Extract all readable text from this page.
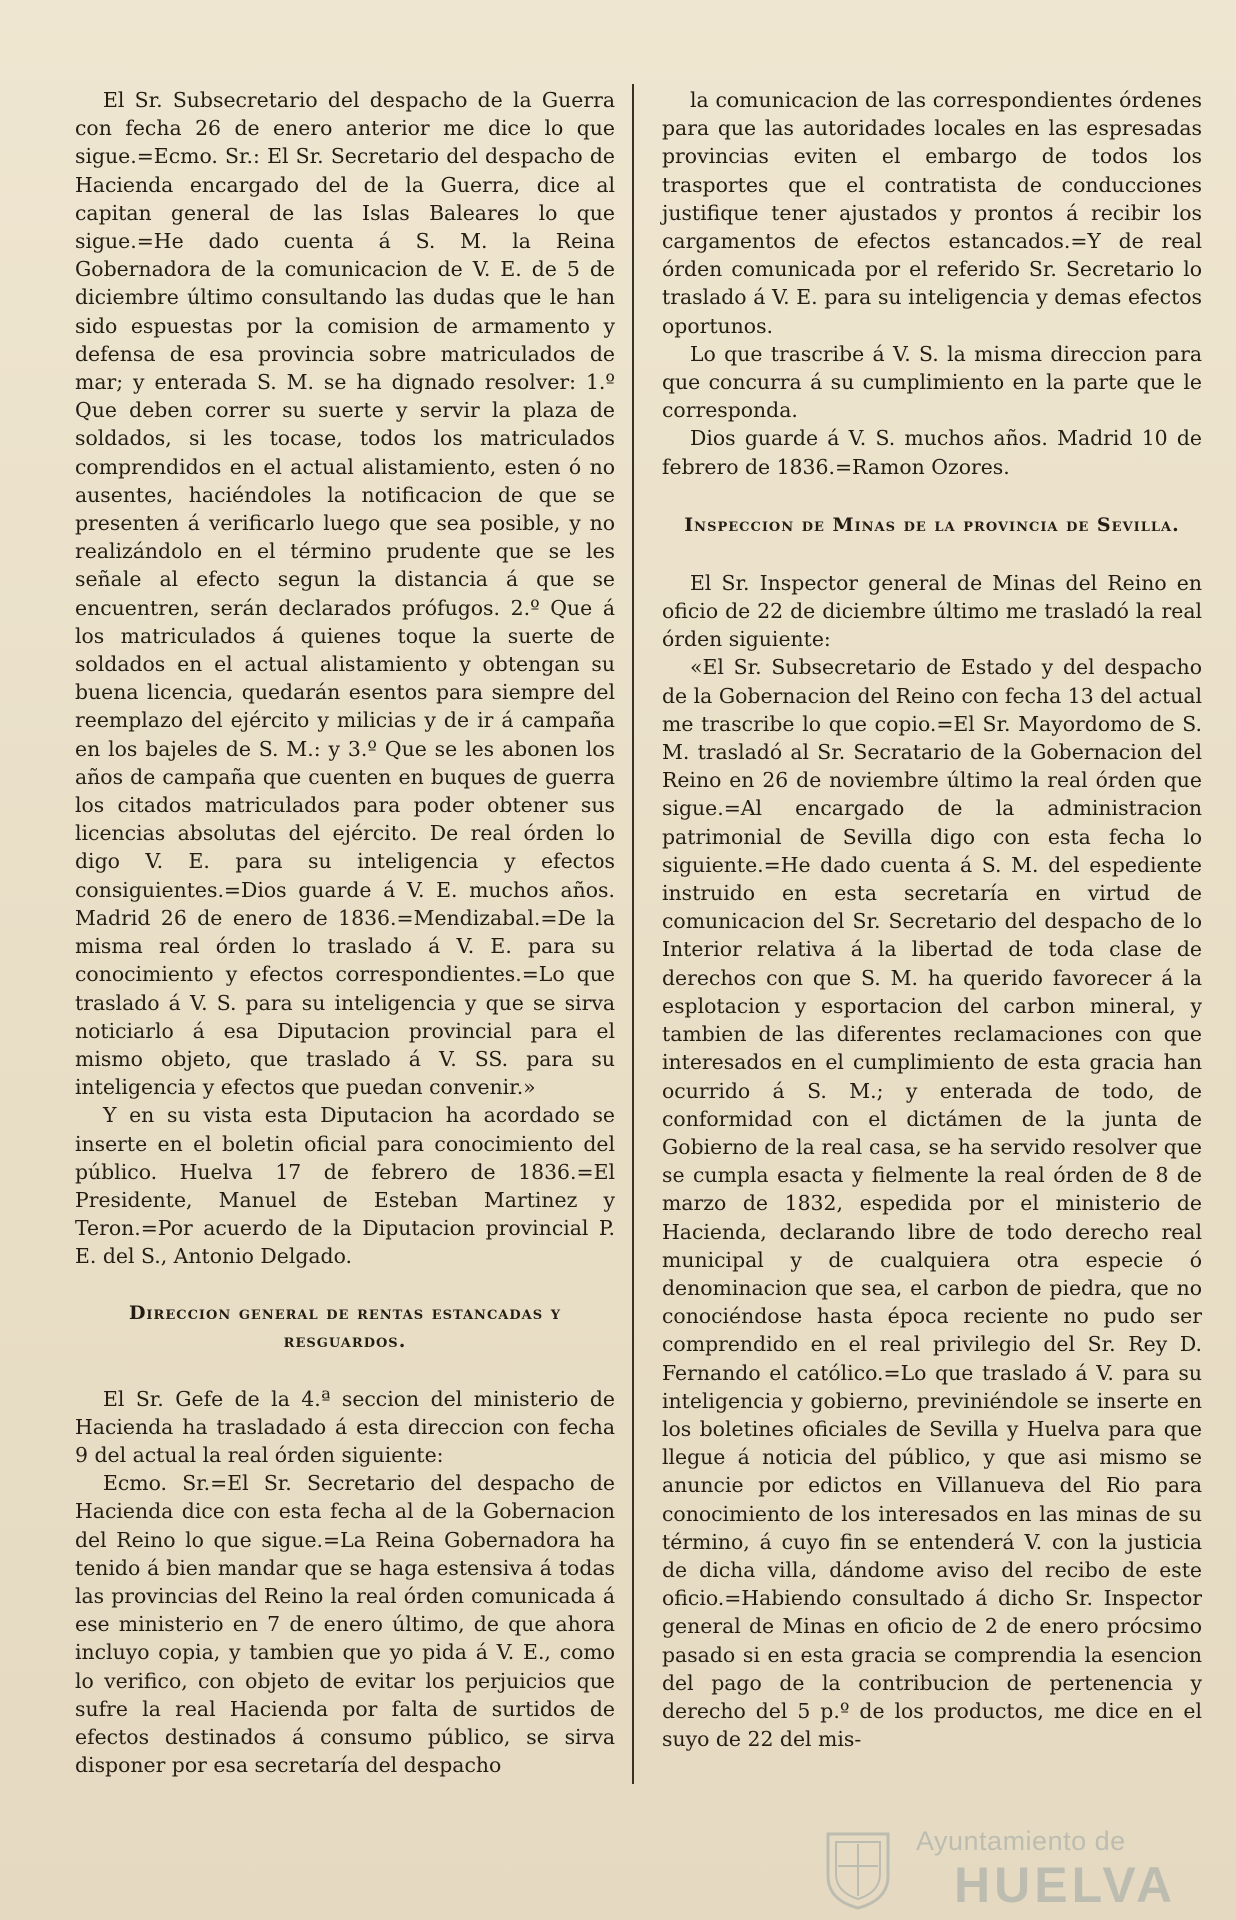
El Sr. Subsecretario del despacho de la Guerra con fecha 26 de enero anterior me dice lo que sigue.=Ecmo. Sr.: El Sr. Secretario del despacho de Hacienda encargado del de la Guerra, dice al capitan general de las Islas Baleares lo que sigue.=He dado cuenta á S. M. la Reina Gobernadora de la comunicacion de V. E. de 5 de diciembre último consultando las dudas que le han sido espuestas por la comision de armamento y defensa de esa provincia sobre matriculados de mar; y enterada S. M. se ha dignado resolver: 1.º Que deben correr su suerte y servir la plaza de soldados, si les tocase, todos los matriculados comprendidos en el actual alistamiento, esten ó no ausentes, haciéndoles la notificacion de que se presenten á verificarlo luego que sea posible, y no realizándolo en el término prudente que se les señale al efecto segun la distancia á que se encuentren, serán declarados prófugos. 2.º Que á los matriculados á quienes toque la suerte de soldados en el actual alistamiento y obtengan su buena licencia, quedarán esentos para siempre del reemplazo del ejército y milicias y de ir á campaña en los bajeles de S. M.: y 3.º Que se les abonen los años de campaña que cuenten en buques de guerra los citados matriculados para poder obtener sus licencias absolutas del ejército. De real órden lo digo V. E. para su inteligencia y efectos consiguientes.=Dios guarde á V. E. muchos años. Madrid 26 de enero de 1836.=Mendizabal.=De la misma real órden lo traslado á V. E. para su conocimiento y efectos correspondientes.=Lo que traslado á V. S. para su inteligencia y que se sirva noticiarlo á esa Diputacion provincial para el mismo objeto, que traslado á V. SS. para su inteligencia y efectos que puedan convenir.»

Y en su vista esta Diputacion ha acordado se inserte en el boletin oficial para conocimiento del público. Huelva 17 de febrero de 1836.=El Presidente, Manuel de Esteban Martinez y Teron.=Por acuerdo de la Diputacion provincial P. E. del S., Antonio Delgado.

Direccion general de rentas estancadas y resguardos.

El Sr. Gefe de la 4.ª seccion del ministerio de Hacienda ha trasladado á esta direccion con fecha 9 del actual la real órden siguiente:

Ecmo. Sr.=El Sr. Secretario del despacho de Hacienda dice con esta fecha al de la Gobernacion del Reino lo que sigue.=La Reina Gobernadora ha tenido á bien mandar que se haga estensiva á todas las provincias del Reino la real órden comunicada á ese ministerio en 7 de enero último, de que ahora incluyo copia, y tambien que yo pida á V. E., como lo verifico, con objeto de evitar los perjuicios que sufre la real Hacienda por falta de surtidos de efectos destinados á consumo público, se sirva disponer por esa secretaría del despacho

la comunicacion de las correspondientes órdenes para que las autoridades locales en las espresadas provincias eviten el embargo de todos los trasportes que el contratista de conducciones justifique tener ajustados y prontos á recibir los cargamentos de efectos estancados.=Y de real órden comunicada por el referido Sr. Secretario lo traslado á V. E. para su inteligencia y demas efectos oportunos.

Lo que trascribe á V. S. la misma direccion para que concurra á su cumplimiento en la parte que le corresponda.

Dios guarde á V. S. muchos años. Madrid 10 de febrero de 1836.=Ramon Ozores.

Inspeccion de Minas de la provincia de Sevilla.

El Sr. Inspector general de Minas del Reino en oficio de 22 de diciembre último me trasladó la real órden siguiente:

«El Sr. Subsecretario de Estado y del despacho de la Gobernacion del Reino con fecha 13 del actual me trascribe lo que copio.=El Sr. Mayordomo de S. M. trasladó al Sr. Secratario de la Gobernacion del Reino en 26 de noviembre último la real órden que sigue.=Al encargado de la administracion patrimonial de Sevilla digo con esta fecha lo siguiente.=He dado cuenta á S. M. del espediente instruido en esta secretaría en virtud de comunicacion del Sr. Secretario del despacho de lo Interior relativa á la libertad de toda clase de derechos con que S. M. ha querido favorecer á la esplotacion y esportacion del carbon mineral, y tambien de las diferentes reclamaciones con que interesados en el cumplimiento de esta gracia han ocurrido á S. M.; y enterada de todo, de conformidad con el dictámen de la junta de Gobierno de la real casa, se ha servido resolver que se cumpla esacta y fielmente la real órden de 8 de marzo de 1832, espedida por el ministerio de Hacienda, declarando libre de todo derecho real municipal y de cualquiera otra especie ó denominacion que sea, el carbon de piedra, que no conociéndose hasta época reciente no pudo ser comprendido en el real privilegio del Sr. Rey D. Fernando el católico.=Lo que traslado á V. para su inteligencia y gobierno, previniéndole se inserte en los boletines oficiales de Sevilla y Huelva para que llegue á noticia del público, y que asi mismo se anuncie por edictos en Villanueva del Rio para conocimiento de los interesados en las minas de su término, á cuyo fin se entenderá V. con la justicia de dicha villa, dándome aviso del recibo de este oficio.=Habiendo consultado á dicho Sr. Inspector general de Minas en oficio de 2 de enero prócsimo pasado si en esta gracia se comprendia la esencion del pago de la contribucion de pertenencia y derecho del 5 p.º de los productos, me dice en el suyo de 22 del mis-

Ayuntamiento de
HUELVA
